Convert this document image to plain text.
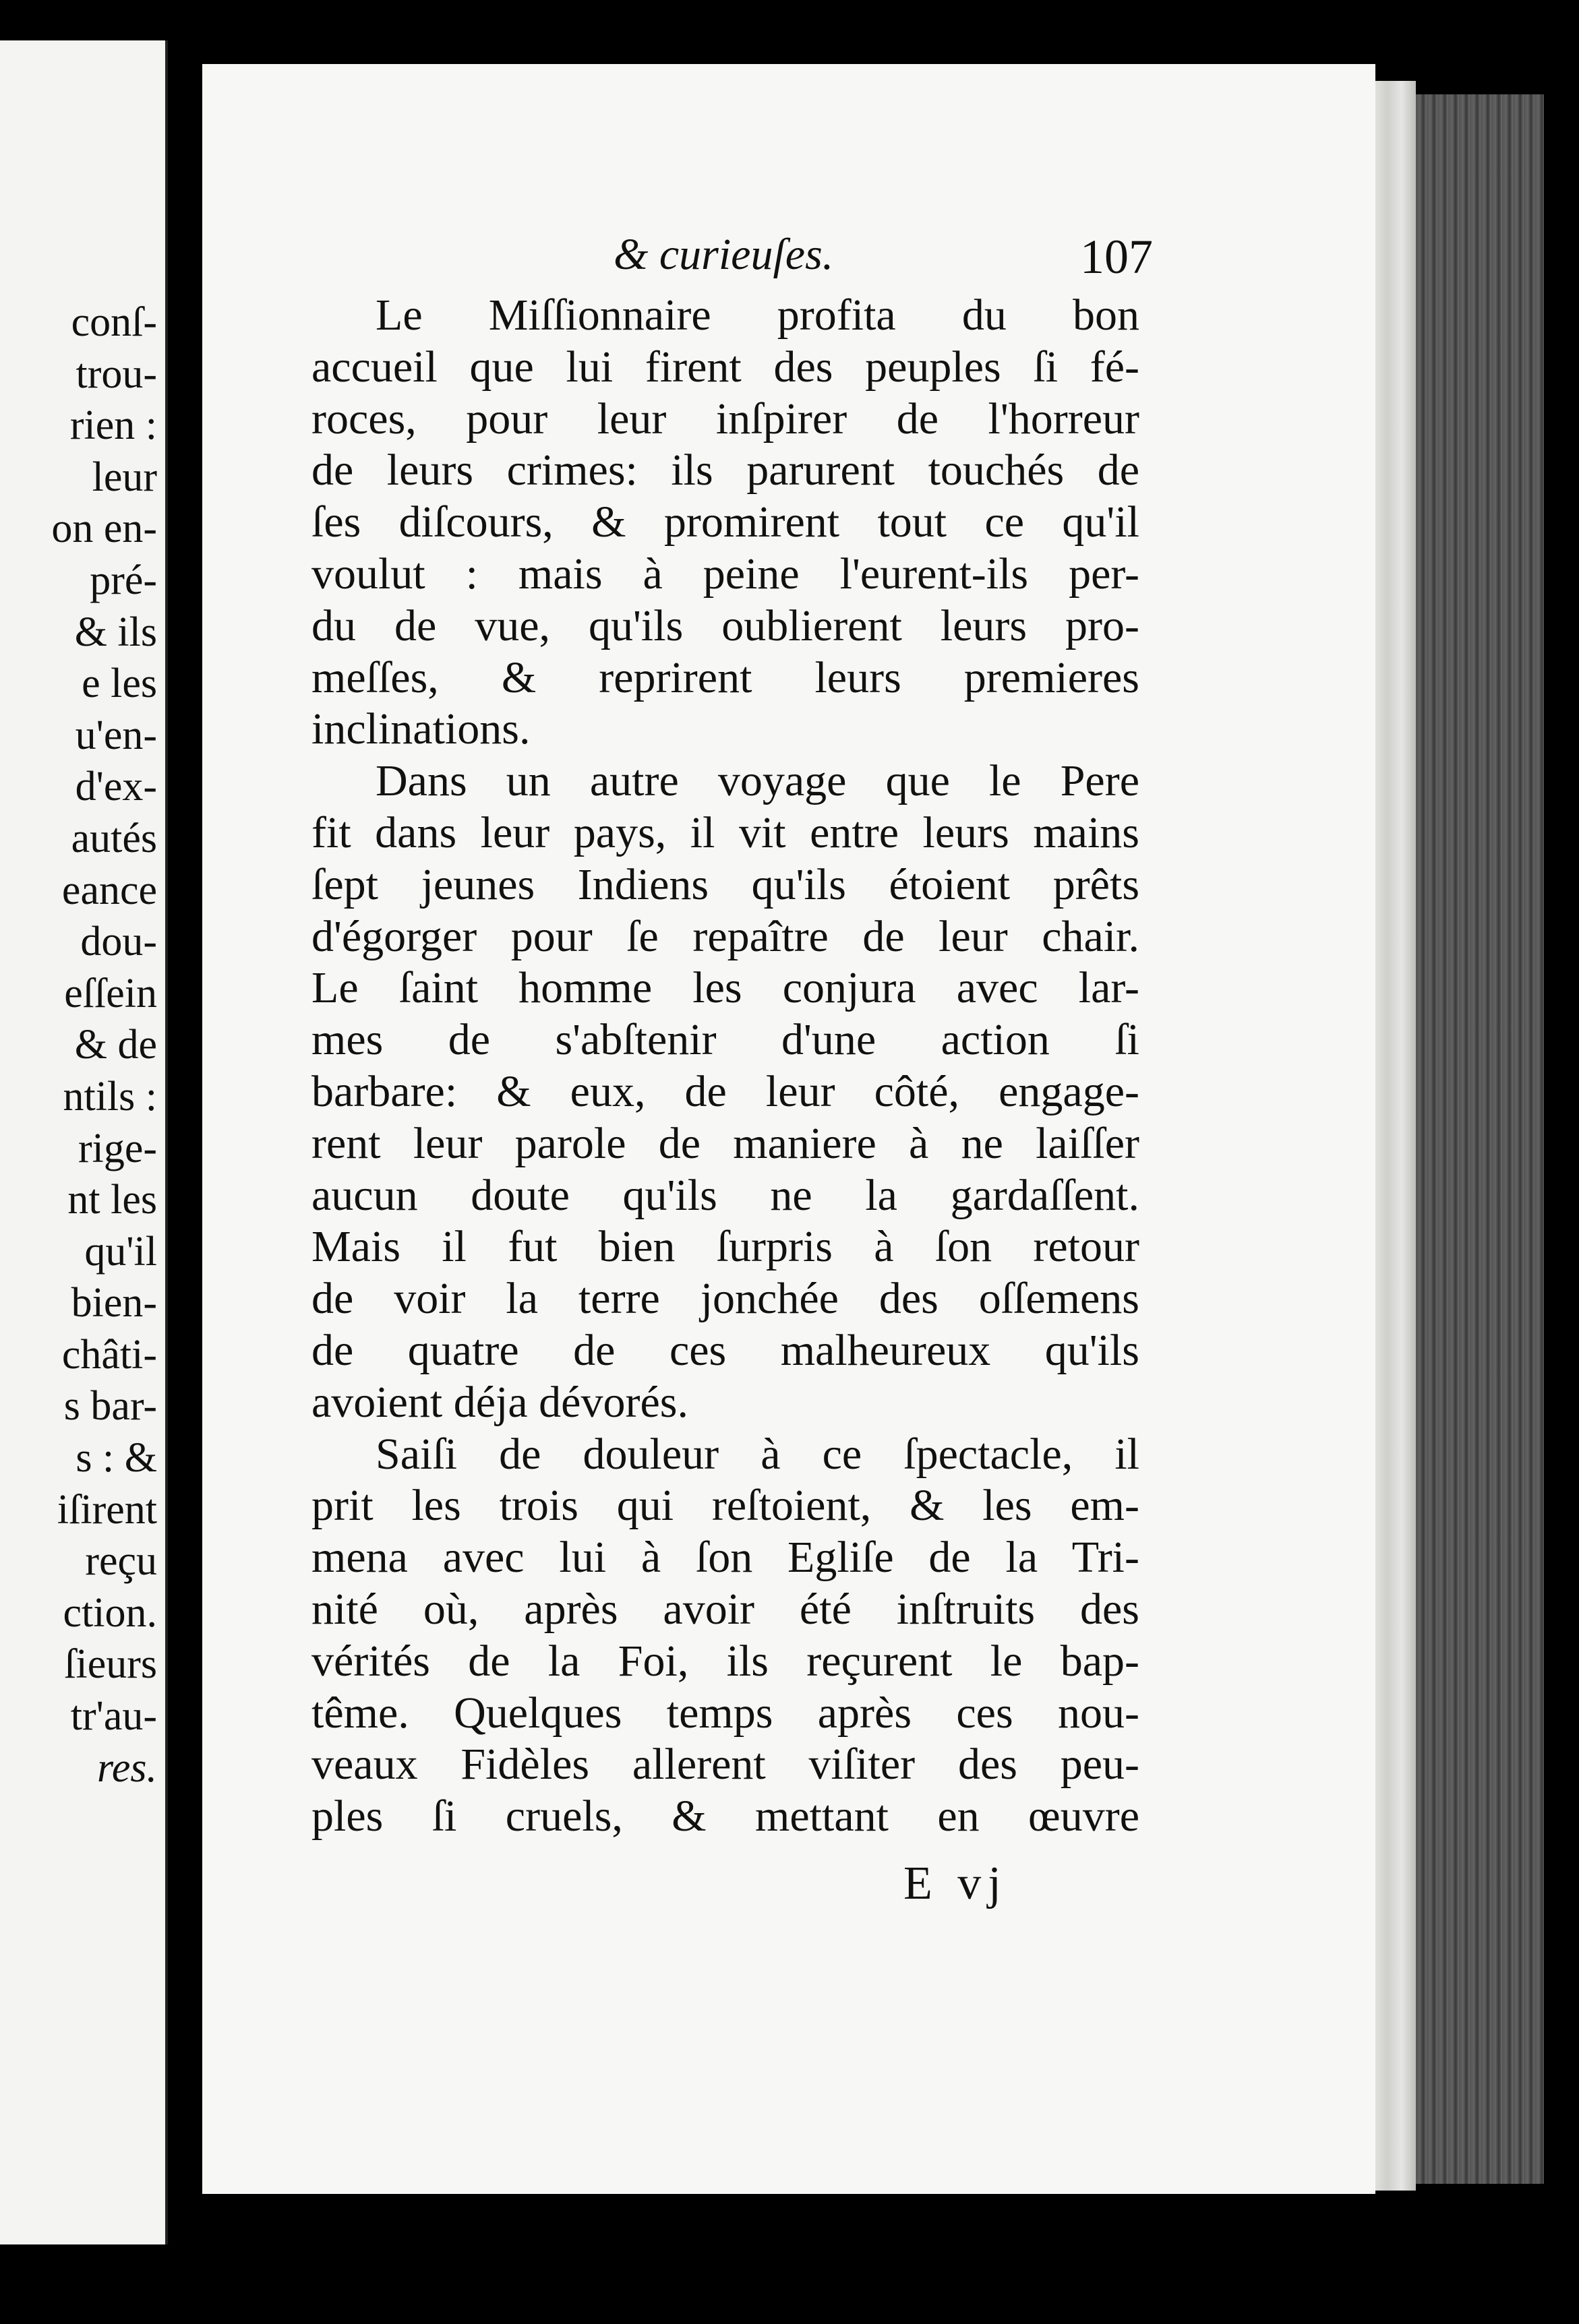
conſ-
trou-
rien :
leur
on en-
pré-
& ils
e les
u'en-
d'ex-
autés
eance
dou-
eſſein
& de
ntils :
rige-
nt les
qu'il
bien-
châti-
s bar-
s : &
iſirent
reçu
ction.
ſieurs
tr'au-
res.
& curieuſes.	107
Le Miſſionnaire profita du bon
accueil que lui firent des peuples ſi fé-
roces, pour leur inſpirer de l'horreur
de leurs crimes: ils parurent touchés de
ſes diſcours, & promirent tout ce qu'il
voulut : mais à peine l'eurent-ils per-
du de vue, qu'ils oublierent leurs pro-
meſſes, & reprirent leurs premieres
inclinations.
Dans un autre voyage que le Pere
fit dans leur pays, il vit entre leurs mains
ſept jeunes Indiens qu'ils étoient prêts
d'égorger pour ſe repaître de leur chair.
Le ſaint homme les conjura avec lar-
mes de s'abſtenir d'une action ſi
barbare: & eux, de leur côté, engage-
rent leur parole de maniere à ne laiſſer
aucun doute qu'ils ne la gardaſſent.
Mais il fut bien ſurpris à ſon retour
de voir la terre jonchée des oſſemens
de quatre de ces malheureux qu'ils
avoient déja dévorés.
Saiſi de douleur à ce ſpectacle, il
prit les trois qui reſtoient, & les em-
mena avec lui à ſon Egliſe de la Tri-
nité où, après avoir été inſtruits des
vérités de la Foi, ils reçurent le bap-
tême. Quelques temps après ces nou-
veaux Fidèles allerent viſiter des peu-
ples ſi cruels, & mettant en œuvre
E vj
